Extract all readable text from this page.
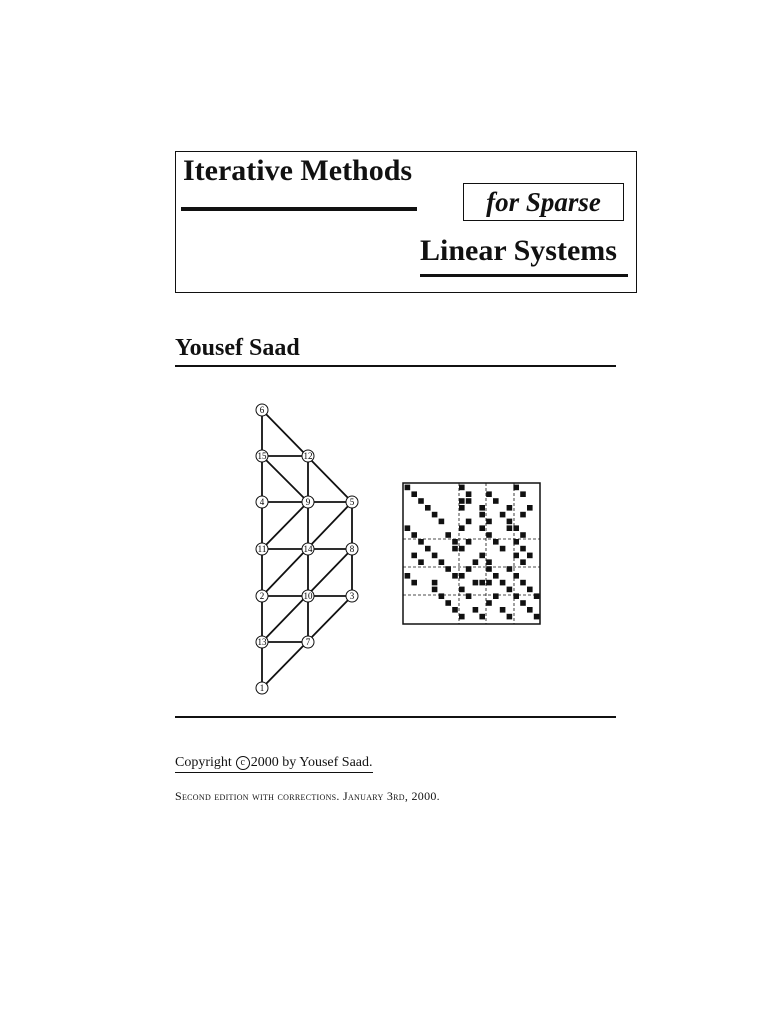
Iterative Methods
for Sparse
Linear Systems
Yousef Saad
6
15	12
4	9	5
11	14	8
2	10	3
13	7
1
Copyright c 2000 by Yousef Saad.
Second edition with corrections. January 3rd, 2000.
